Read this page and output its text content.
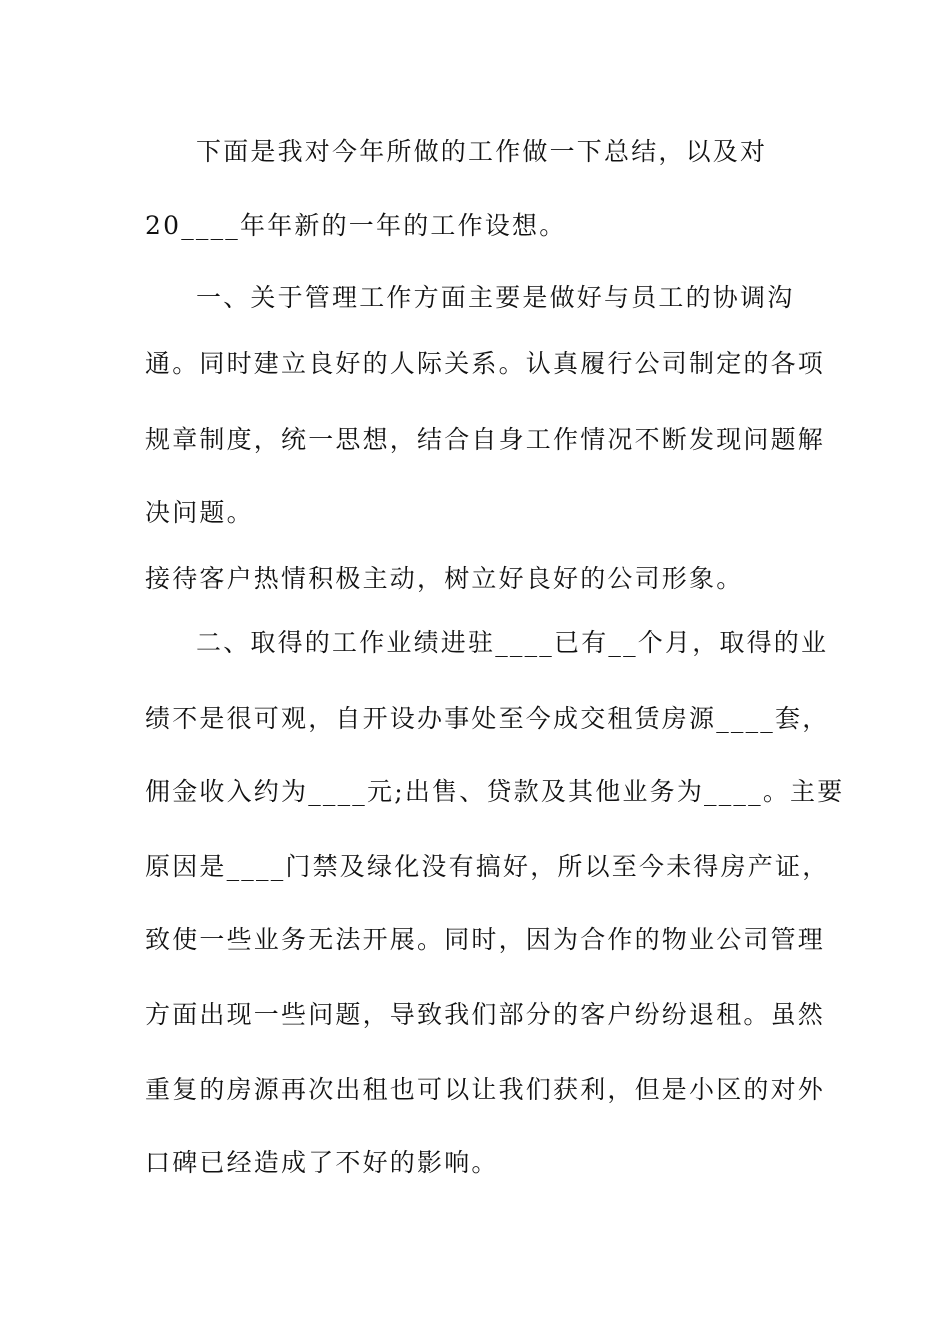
下面是我对今年所做的工作做一下总结，以及对
20____年年新的一年的工作设想。
一、关于管理工作方面主要是做好与员工的协调沟
通。同时建立良好的人际关系。认真履行公司制定的各项
规章制度，统一思想，结合自身工作情况不断发现问题解
决问题。
接待客户热情积极主动，树立好良好的公司形象。
二、取得的工作业绩进驻____已有__个月，取得的业
绩不是很可观，自开设办事处至今成交租赁房源____套，
佣金收入约为____元;出售、贷款及其他业务为____。主要
原因是____门禁及绿化没有搞好，所以至今未得房产证，
致使一些业务无法开展。同时，因为合作的物业公司管理
方面出现一些问题，导致我们部分的客户纷纷退租。虽然
重复的房源再次出租也可以让我们获利，但是小区的对外
口碑已经造成了不好的影响。
